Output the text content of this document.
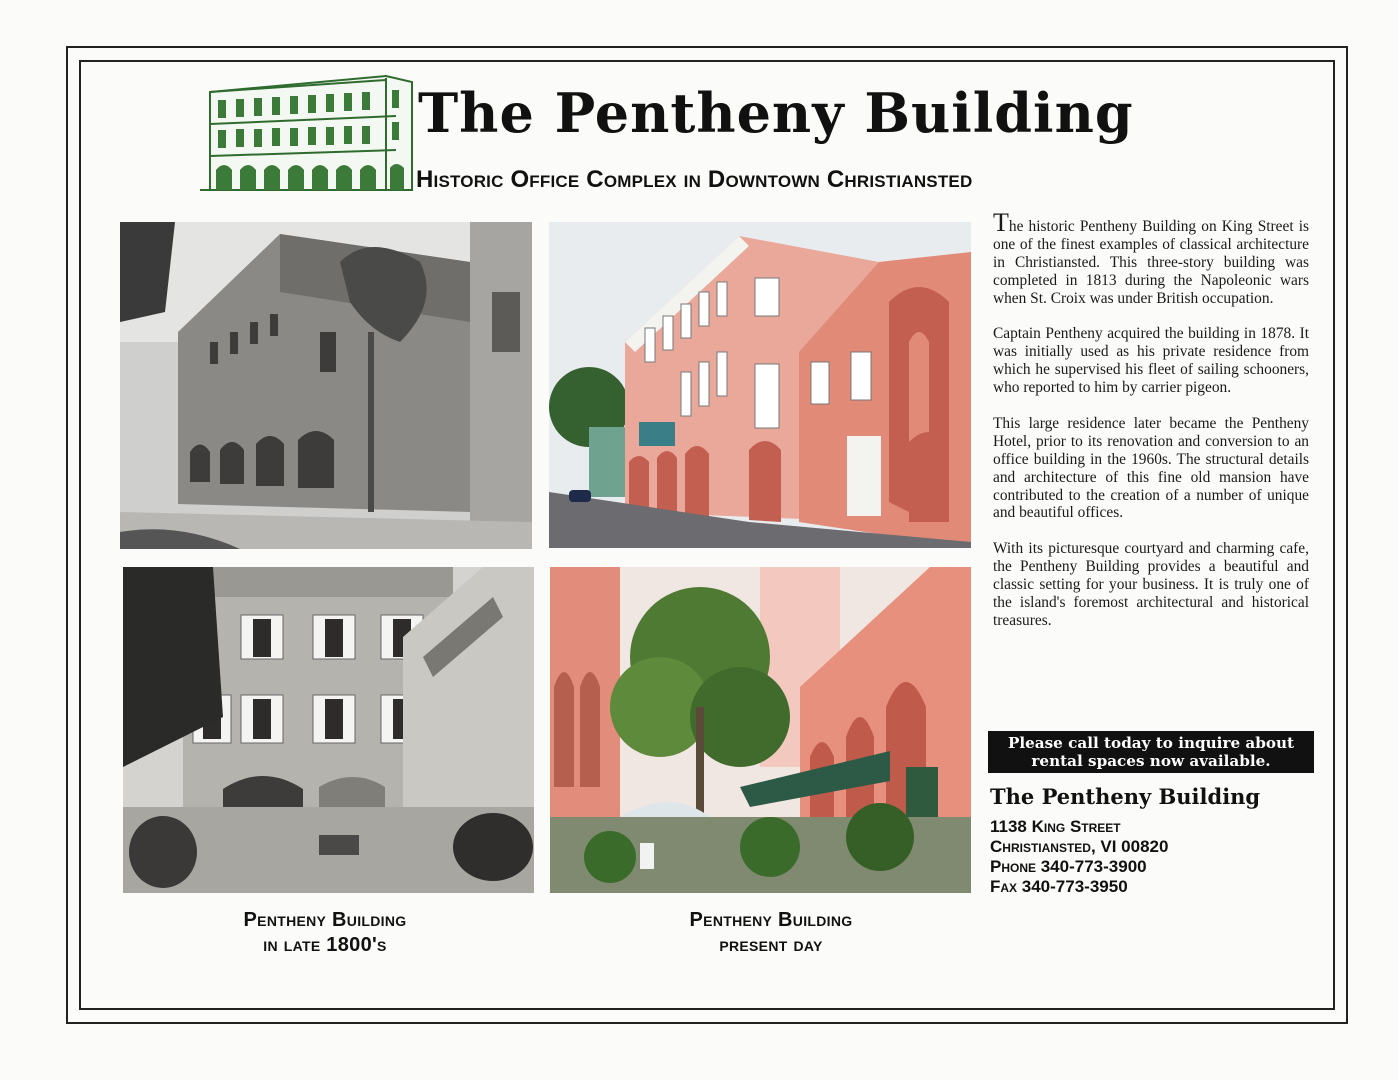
The Pentheny Building
Historic Office Complex in Downtown Christiansted
Pentheny Building
in late 1800's
Pentheny Building
present day

The historic Pentheny Building on King Street is one of the finest examples of classical architecture in Christiansted. This three-story building was completed in 1813 during the Napoleonic wars when St. Croix was under British occupation.

Captain Pentheny acquired the building in 1878. It was initially used as his private residence from which he supervised his fleet of sailing schooners, who reported to him by carrier pigeon.

This large residence later became the Pentheny Hotel, prior to its renovation and conversion to an office building in the 1960s. The structural details and architecture of this fine old mansion have contributed to the creation of a number of unique and beautiful offices.

With its picturesque courtyard and charming cafe, the Pentheny Building provides a beautiful and classic setting for your business. It is truly one of the island's foremost architectural and historical treasures.

Please call today to inquire about
rental spaces now available.
The Pentheny Building
1138 King Street
Christiansted, VI 00820
Phone 340-773-3900
Fax 340-773-3950
